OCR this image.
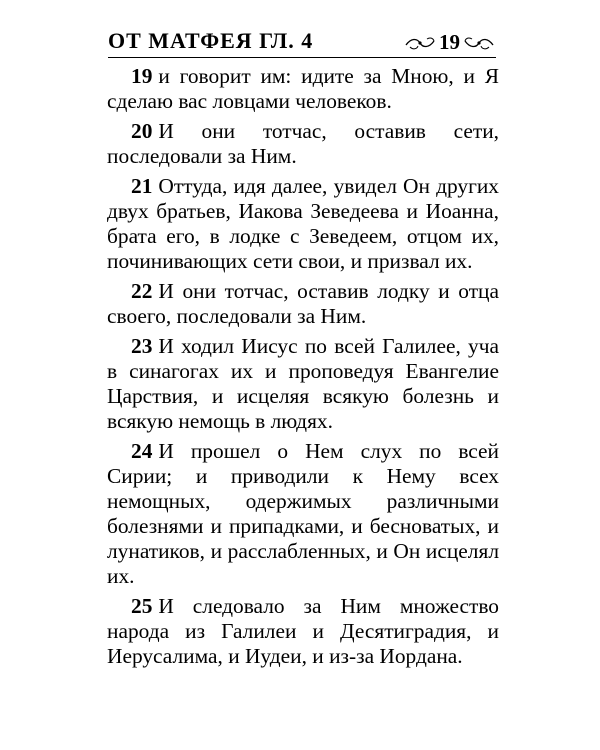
ОТ МАТФЕЯ ГЛ. 4	19

19 и говорит им: идите за Мною, и Я сделаю вас ловцами человеков.

20 И они тотчас, оставив сети, последовали за Ним.

21 Оттуда, идя далее, увидел Он других двух братьев, Иакова Зеведеева и Иоанна, брата его, в лодке с Зеведеем, отцом их, починивающих сети свои, и призвал их.

22 И они тотчас, оставив лодку и отца своего, последовали за Ним.

23 И ходил Иисус по всей Галилее, уча в синагогах их и проповедуя Евангелие Царствия, и исцеляя всякую болезнь и всякую немощь в людях.

24 И прошел о Нем слух по всей Сирии; и приводили к Нему всех немощных, одержимых различными болезнями и припадками, и бесноватых, и лунатиков, и расслабленных, и Он исцелял их.

25 И следовало за Ним множество народа из Галилеи и Десятиградия, и Иерусалима, и Иудеи, и из-за Иордана.
